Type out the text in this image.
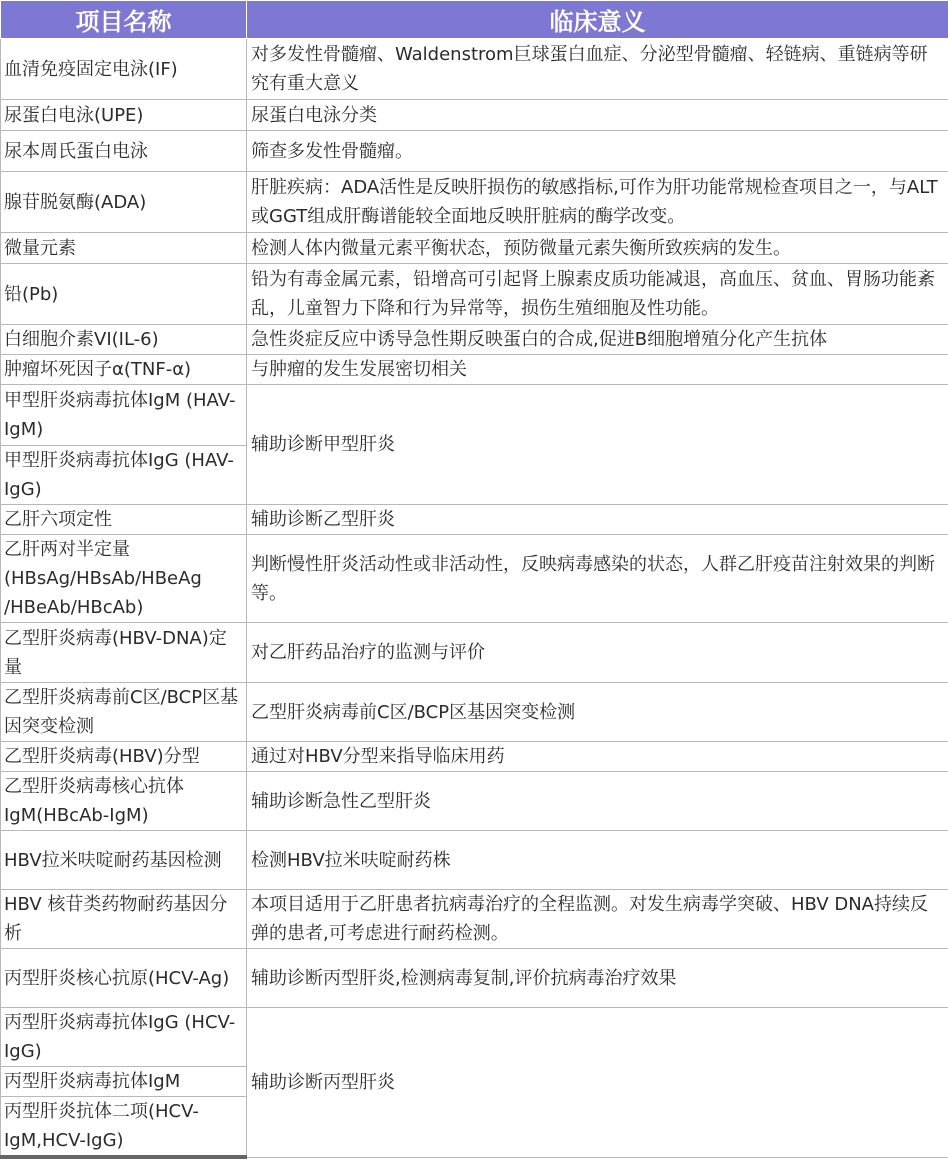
项目名称	临床意义
血清免疫固定电泳(IF)	对多发性骨髓瘤、Waldenstrom巨球蛋白血症、分泌型骨髓瘤、轻链病、重链病等研究有重大意义
尿蛋白电泳(UPE)	尿蛋白电泳分类
尿本周氏蛋白电泳	筛查多发性骨髓瘤。
腺苷脱氨酶(ADA)	肝脏疾病：ADA活性是反映肝损伤的敏感指标,可作为肝功能常规检查项目之一，与ALT或GGT组成肝酶谱能较全面地反映肝脏病的酶学改变。
微量元素	检测人体内微量元素平衡状态，预防微量元素失衡所致疾病的发生。
铅(Pb)	铅为有毒金属元素，铅增高可引起肾上腺素皮质功能减退，高血压、贫血、胃肠功能紊乱，儿童智力下降和行为异常等，损伤生殖细胞及性功能。
白细胞介素VI(IL-6)	急性炎症反应中诱导急性期反映蛋白的合成,促进B细胞增殖分化产生抗体
肿瘤坏死因子α(TNF-α)	与肿瘤的发生发展密切相关
甲型肝炎病毒抗体IgM (HAV-IgM)	辅助诊断甲型肝炎
甲型肝炎病毒抗体IgG (HAV-IgG)	
乙肝六项定性	辅助诊断乙型肝炎
乙肝两对半定量(HBsAg/HBsAb/HBeAg /HBeAb/HBcAb)	判断慢性肝炎活动性或非活动性，反映病毒感染的状态，人群乙肝疫苗注射效果的判断等。
乙型肝炎病毒(HBV-DNA)定量	对乙肝药品治疗的监测与评价
乙型肝炎病毒前C区/BCP区基因突变检测	乙型肝炎病毒前C区/BCP区基因突变检测
乙型肝炎病毒(HBV)分型	通过对HBV分型来指导临床用药
乙型肝炎病毒核心抗体IgM(HBcAb-IgM)	辅助诊断急性乙型肝炎
HBV拉米呋啶耐药基因检测	检测HBV拉米呋啶耐药株
HBV 核苷类药物耐药基因分析	本项目适用于乙肝患者抗病毒治疗的全程监测。对发生病毒学突破、HBV DNA持续反弹的患者,可考虑进行耐药检测。
丙型肝炎核心抗原(HCV-Ag)	辅助诊断丙型肝炎,检测病毒复制,评价抗病毒治疗效果
丙型肝炎病毒抗体IgG (HCV-IgG)	辅助诊断丙型肝炎
丙型肝炎病毒抗体IgM	
丙型肝炎抗体二项(HCV-IgM,HCV-IgG)	
